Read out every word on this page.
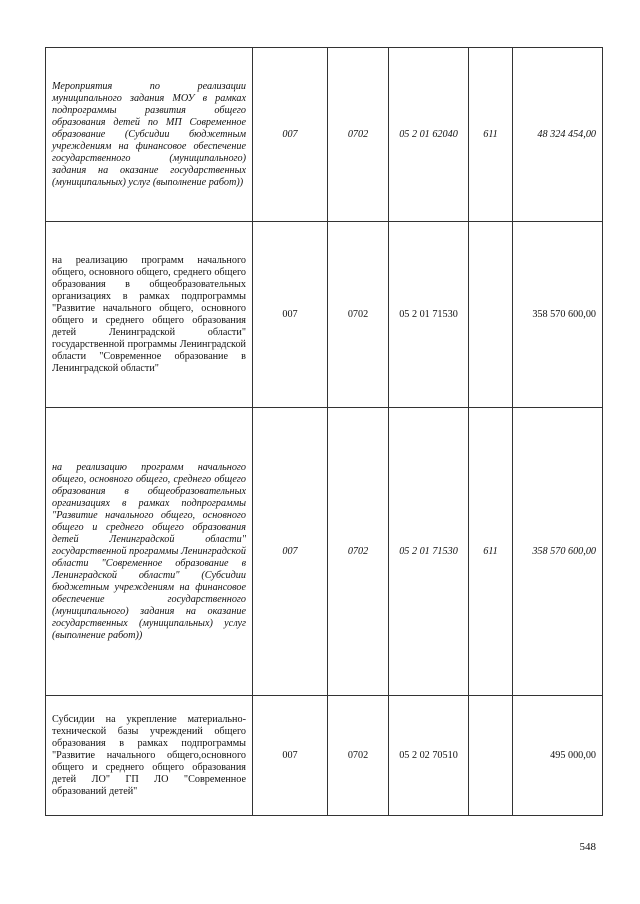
Мероприятия по реализации муниципального задания МОУ в рамках подпрограммы развития общего образования детей по МП Современное образование (Субсидии бюджетным учреждениям на финансовое обеспечение государственного (муниципального) задания на оказание государственных (муниципальных) услуг (выполнение работ))	007	0702	05 2 01 62040	611	48 324 454,00
на реализацию программ начального общего, основного общего, среднего общего образования в общеобразовательных организациях в рамках подпрограммы "Развитие начального общего, основного общего и среднего общего образования детей Ленинградской области" государственной программы Ленинградской области "Современное образование в Ленинградской области"	007	0702	05 2 01 71530		358 570 600,00
на реализацию программ начального общего, основного общего, среднего общего образования в общеобразовательных организациях в рамках подпрограммы "Развитие начального общего, основного общего и среднего общего образования детей Ленинградской области" государственной программы Ленинградской области "Современное образование в Ленинградской области" (Субсидии бюджетным учреждениям на финансовое обеспечение государственного (муниципального) задания на оказание государственных (муниципальных) услуг (выполнение работ))	007	0702	05 2 01 71530	611	358 570 600,00
Субсидии на укрепление материально-технической базы учреждений общего образования в рамках подпрограммы "Развитие начального общего,основного общего и среднего общего образования детей ЛО" ГП ЛО "Современное образований детей"	007	0702	05 2 02 70510		495 000,00
548
